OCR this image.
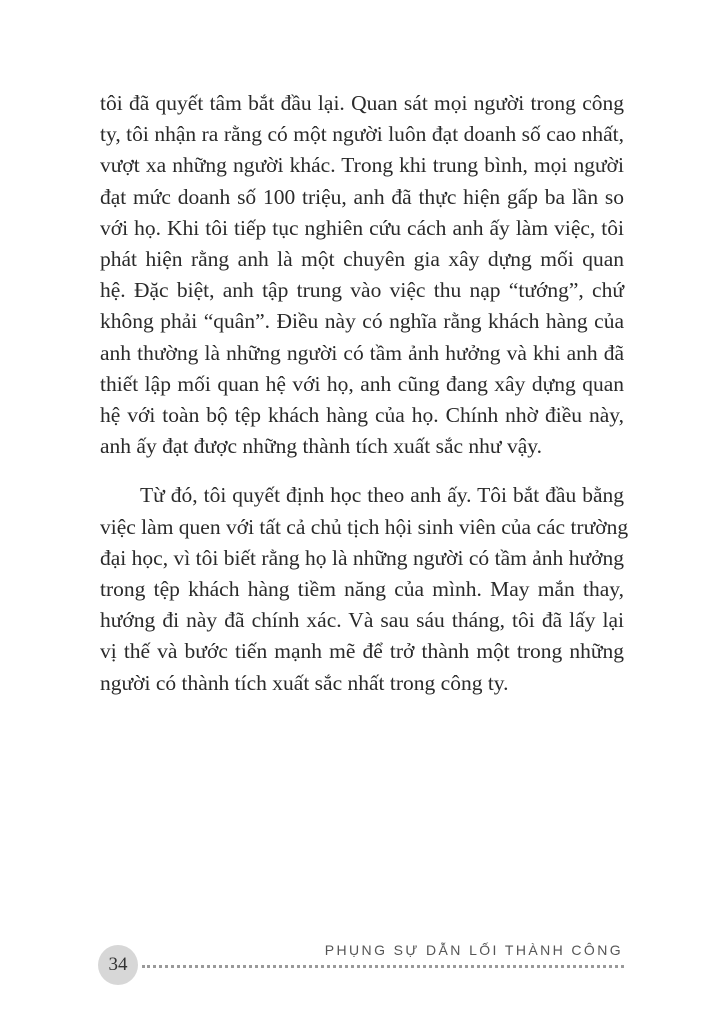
tôi đã quyết tâm bắt đầu lại. Quan sát mọi người trong công
ty, tôi nhận ra rằng có một người luôn đạt doanh số cao nhất,
vượt xa những người khác. Trong khi trung bình, mọi người
đạt mức doanh số 100 triệu, anh đã thực hiện gấp ba lần so
với họ. Khi tôi tiếp tục nghiên cứu cách anh ấy làm việc, tôi
phát hiện rằng anh là một chuyên gia xây dựng mối quan
hệ. Đặc biệt, anh tập trung vào việc thu nạp “tướng”, chứ
không phải “quân”. Điều này có nghĩa rằng khách hàng của
anh thường là những người có tầm ảnh hưởng và khi anh đã
thiết lập mối quan hệ với họ, anh cũng đang xây dựng quan
hệ với toàn bộ tệp khách hàng của họ. Chính nhờ điều này,
anh ấy đạt được những thành tích xuất sắc như vậy.

Từ đó, tôi quyết định học theo anh ấy. Tôi bắt đầu bằng
việc làm quen với tất cả chủ tịch hội sinh viên của các trường
đại học, vì tôi biết rằng họ là những người có tầm ảnh hưởng
trong tệp khách hàng tiềm năng của mình. May mắn thay,
hướng đi này đã chính xác. Và sau sáu tháng, tôi đã lấy lại
vị thế và bước tiến mạnh mẽ để trở thành một trong những
người có thành tích xuất sắc nhất trong công ty.

PHỤNG SỰ DẪN LỐI THÀNH CÔNG
34
